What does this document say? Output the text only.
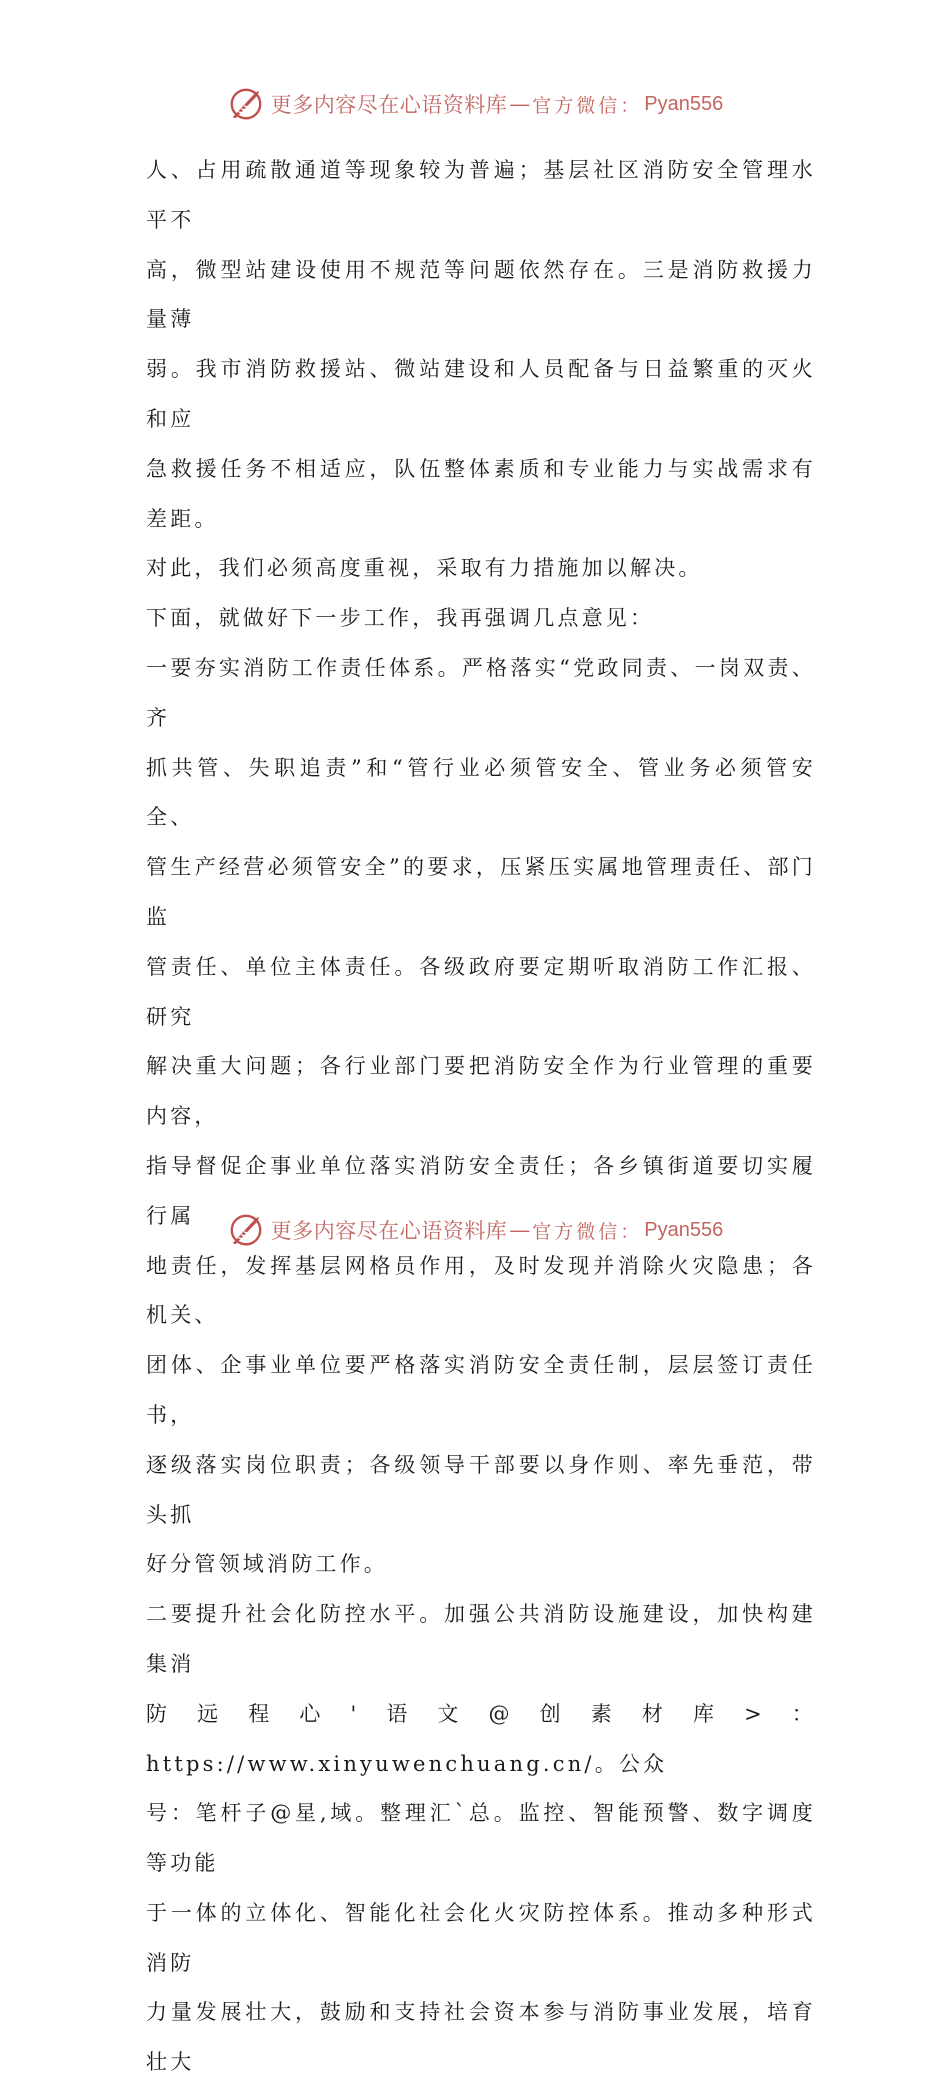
更多内容尽在心语资料库 — 官方微信： Pyan556

人、占用疏散通道等现象较为普遍；基层社区消防安全管理水平不

高，微型站建设使用不规范等问题依然存在。三是消防救援力量薄

弱。我市消防救援站、微站建设和人员配备与日益繁重的灭火和应

急救援任务不相适应，队伍整体素质和专业能力与实战需求有差距。

对此，我们必须高度重视，采取有力措施加以解决。

下面，就做好下一步工作，我再强调几点意见：

一要夯实消防工作责任体系。严格落实“党政同责、一岗双责、齐

抓共管、失职追责”和“管行业必须管安全、管业务必须管安全、

管生产经营必须管安全”的要求，压紧压实属地管理责任、部门监

管责任、单位主体责任。各级政府要定期听取消防工作汇报、研究

解决重大问题；各行业部门要把消防安全作为行业管理的重要内容，

指导督促企事业单位落实消防安全责任；各乡镇街道要切实履行属

地责任，发挥基层网格员作用，及时发现并消除火灾隐患；各机关、

团体、企事业单位要严格落实消防安全责任制，层层签订责任书，

逐级落实岗位职责；各级领导干部要以身作则、率先垂范，带头抓

好分管领域消防工作。

二要提升社会化防控水平。加强公共消防设施建设，加快构建集消

防远程心'语文@创素材库>：https://www.xinyuwenchuang.cn/。公众

号：笔杆子@星,域。整理汇`总。监控、智能预警、数字调度等功能

于一体的立体化、智能化社会化火灾防控体系。推动多种形式消防

力量发展壮大，鼓励和支持社会资本参与消防事业发展，培育壮大

更多内容尽在心语资料库 — 官方微信： Pyan556
